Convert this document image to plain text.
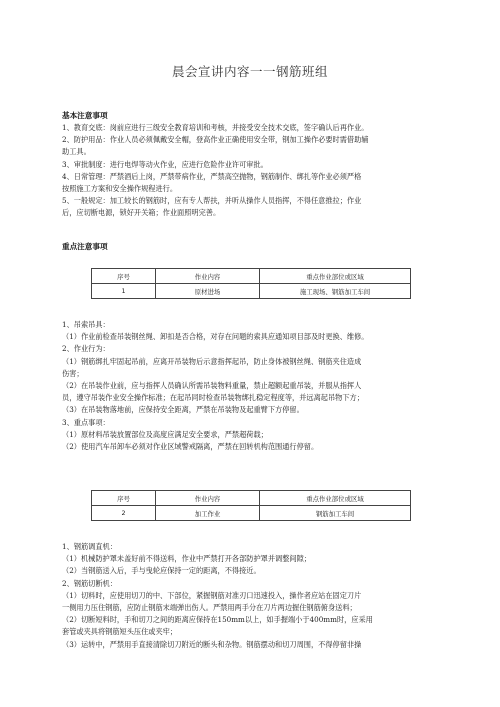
晨会宣讲内容一一钢筋班组
基本注意事项

1、教育交底：岗前应进行三级安全教育培训和考核，并接受安全技术交底，签字确认后再作业。

2、防护用品：作业人员必须佩戴安全帽，登高作业正确使用安全带，钢加工操作必要时需借助辅

助工具。

3、审批制度：进行电焊等动火作业，应进行危险作业许可审批。

4、日常管理：严禁酒后上岗，严禁带病作业，严禁高空抛物，钢筋制作、绑扎等作业必须严格

按照施工方案和安全操作规程进行。

5、一般规定：加工较长的钢筋时，应有专人帮扶，并听从操作人员指挥，不得任意推拉；作业

后，应切断电源，锁好开关箱；作业面照明完善。

重点注意事项
序号	作业内容	重点作业部位或区域
1	原材进场	施工现场、钢筋加工车间

1、吊索吊具：

（1）作业前检查吊装钢丝绳、卸扣是否合格，对存在问题的索具应通知项目部及时更换、维修。

2、作业行为：

（1）钢筋绑扎牢固起吊前，应离开吊装物后示意指挥起吊，防止身体被钢丝绳、钢筋夹住造成

伤害；

（2）在吊装作业前，应与指挥人员确认所需吊装物料重量，禁止超额起重吊装，并服从指挥人

员，遵守吊装作业安全操作标准；在起吊同时检查吊装物绑扎稳定程度等，并远离起吊物下方；

（3）在吊装物落地前，应保持安全距离，严禁在吊装物及起重臂下方停留。

3、重点事项：

（1）原材料吊装放置部位及高度应满足安全要求，严禁超荷载；

（2）使用汽车吊卸车必须对作业区域警戒隔离，严禁在回转机构范围通行停留。

序号	作业内容	重点作业部位或区域
2	加工作业	钢筋加工车间

1、钢筋调直机：

（1）机械防护罩未盖好前不得送料，作业中严禁打开各部防护罩并调整间隙；

（2）当钢筋送入后，手与曳轮应保持一定的距离，不得接近。

2、钢筋切断机：

（1）切料时，应使用切刀的中、下部位，紧握钢筋对准刃口迅速投入，操作者应站在固定刀片

一侧用力压住钢筋，应防止钢筋末端弹出伤人。严禁用两手分在刀片两边握住钢筋俯身送料；

（2）切断短料时，手和切刀之间的距离应保持在150mm以上，如手握端小于400mm时，应采用

套管或夹具将钢筋短头压住或夹牢；

（3）运转中，严禁用手直接清除切刀附近的断头和杂物。钢筋摆动和切刀周围，不得停留非操
